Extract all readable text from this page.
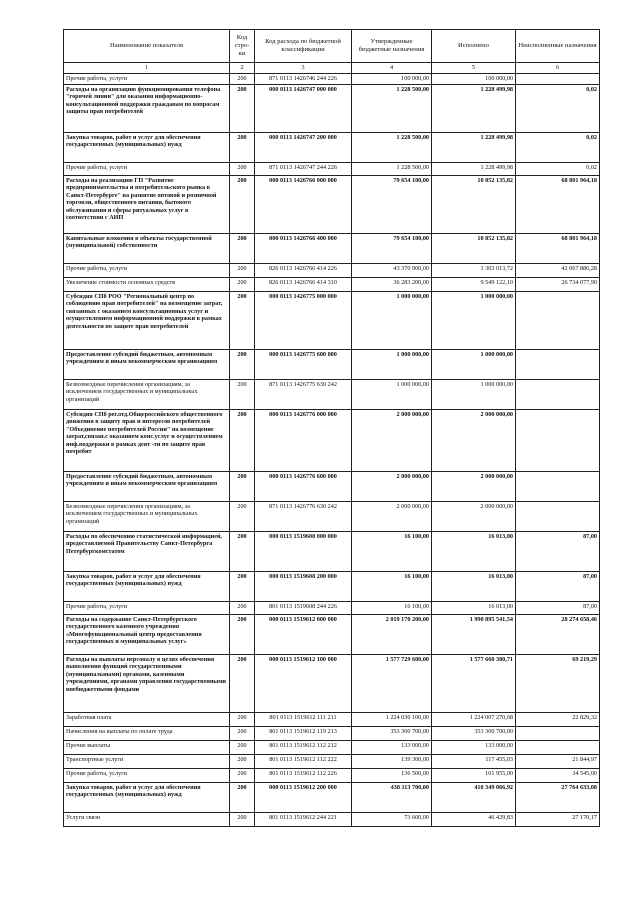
Наименование показателя	Код стро-ки	Код расхода по бюджетной классификации	Утвержденные бюджетные назначения	Исполнено	Неисполненные назначения
1	2	3	4	5	6
Прочие работы, услуги	200	871 0113 1426746 244 226	100 000,00	100 000,00	
Расходы на организацию функционирования телефона "горячей линии" для оказания информационно-консультационной поддержки гражданам по вопросам защиты прав потребителей	200	000 0113 1426747 000 000	1 228 500,00	1 228 499,98	0,02
Закупка товаров, работ и услуг для обеспечения государственных (муниципальных) нужд	200	000 0113 1426747 200 000	1 228 500,00	1 228 499,98	0,02
Прочие работы, услуги	200	871 0113 1426747 244 226	1 228 500,00	1 228 499,98	0,02
Расходы на реализацию ГП "Развитие предпринимательства и потребительского рынка в Санкт-Петербурге" на развитие оптовой и розничной торговли, общественного питания, бытового обслуживания и сферы ритуальных услуг в соответствии с АИП	200	000 0113 1426766 000 000	79 654 100,00	10 852 135,82	68 801 964,18
Капитальные вложения в объекты государственной (муниципальной) собственности	200	000 0113 1426766 400 000	79 654 100,00	10 852 135,82	68 801 964,18
Прочие работы, услуги	200	826 0113 1426766 414 226	43 370 900,00	1 303 013,72	42 067 886,28
Увеличение стоимости основных средств	200	826 0113 1426766 414 310	36 283 200,00	9 549 122,10	26 734 077,90
Субсидия СПб РОО "Региональный центр по соблюдению прав потребителей" на возмещение затрат, связанных с оказанием консультационных услуг и осуществлением информационной поддержки в рамках деятельности по защите прав потребителей	200	000 0113 1426775 000 000	1 000 000,00	1 000 000,00	
Предоставление субсидий бюджетным, автономным учреждениям и иным некоммерческим организациям	200	000 0113 1426775 600 000	1 000 000,00	1 000 000,00	
Безвозмездные перечисления организациям, за исключением государственных и муниципальных организаций	200	871 0113 1426775 630 242	1 000 000,00	1 000 000,00	
Субсидия СПб рег.отд.Общероссийского общественного движения в защиту прав и интересов потребителей "Объединение потребителей России" на возмещение затрат,связан.с оказанием конс.услуг и осуществлением инф.поддержки в рамках деят -ти по защите прав потребит	200	000 0113 1426776 000 000	2 000 000,00	2 000 000,00	
Предоставление субсидий бюджетным, автономным учреждениям и иным некоммерческим организациям	200	000 0113 1426776 600 000	2 000 000,00	2 000 000,00	
Безвозмездные перечисления организациям, за исключением государственных и муниципальных организаций	200	871 0113 1426776 630 242	2 000 000,00	2 000 000,00	
Расходы по обеспечению статистической информацией, предоставляемой Правительству Санкт-Петербурга Петербургкомстатом	200	000 0113 1519608 000 000	16 100,00	16 013,00	87,00
Закупка товаров, работ и услуг для обеспечения государственных (муниципальных) нужд	200	000 0113 1519608 200 000	16 100,00	16 013,00	87,00
Прочие работы, услуги	200	801 0113 1519608 244 226	16 100,00	16 013,00	87,00
Расходы на содержание Санкт-Петербургского государственного казенного учреждения «Многофункциональный центр предоставления государственных и муниципальных услуг»	200	000 0113 1519612 000 000	2 019 170 200,00	1 990 895 541,54	28 274 658,46
Расходы на выплаты персоналу в целях обеспечения выполнения функций государственными (муниципальными) органами, казенными учреждениями, органами управления государственными внебюджетными фондами	200	000 0113 1519612 100 000	1 577 729 600,00	1 577 660 380,71	69 219,29
Заработная плата	200	801 0113 1519612 111 211	1 224 030 100,00	1 224 007 270,68	22 829,32
Начисления на выплаты по оплате труда	200	801 0113 1519612 119 213	353 300 700,00	353 300 700,00	
Прочие выплаты	200	801 0113 1519612 112 212	133 000,00	133 000,00	
Транспортные услуги	200	801 0113 1519612 112 222	139 300,00	117 455,03	21 844,97
Прочие работы, услуги	200	801 0113 1519612 112 226	136 500,00	101 955,00	34 545,00
Закупка товаров, работ и услуг для обеспечения государственных (муниципальных) нужд	200	000 0113 1519612 200 000	438 113 700,00	410 349 066,92	27 764 633,08
Услуги связи	200	801 0113 1519612 244 221	73 600,00	46 429,83	27 170,17
